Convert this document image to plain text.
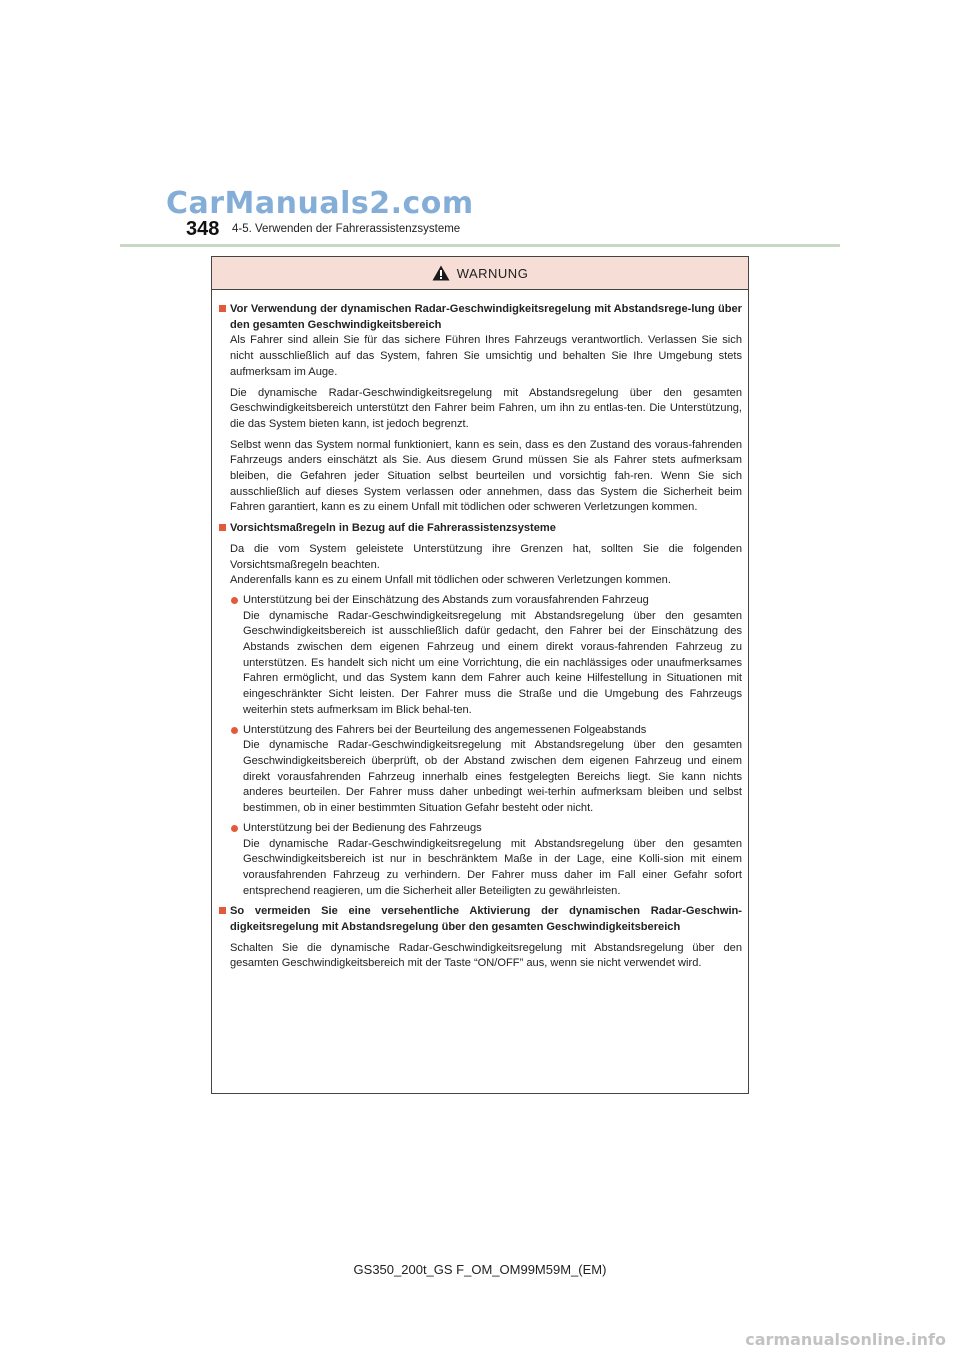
CarManuals2.com
348 4-5. Verwenden der Fahrerassistenzsysteme
WARNUNG
Vor Verwendung der dynamischen Radar-Geschwindigkeitsregelung mit Abstandsrege-lung über den gesamten Geschwindigkeitsbereich
Als Fahrer sind allein Sie für das sichere Führen Ihres Fahrzeugs verantwortlich. Verlassen Sie sich nicht ausschließlich auf das System, fahren Sie umsichtig und behalten Sie Ihre Umgebung stets aufmerksam im Auge.
Die dynamische Radar-Geschwindigkeitsregelung mit Abstandsregelung über den gesamten Geschwindigkeitsbereich unterstützt den Fahrer beim Fahren, um ihn zu entlas-ten. Die Unterstützung, die das System bieten kann, ist jedoch begrenzt.
Selbst wenn das System normal funktioniert, kann es sein, dass es den Zustand des voraus-fahrenden Fahrzeugs anders einschätzt als Sie. Aus diesem Grund müssen Sie als Fahrer stets aufmerksam bleiben, die Gefahren jeder Situation selbst beurteilen und vorsichtig fah-ren. Wenn Sie sich ausschließlich auf dieses System verlassen oder annehmen, dass das System die Sicherheit beim Fahren garantiert, kann es zu einem Unfall mit tödlichen oder schweren Verletzungen kommen.
Vorsichtsmaßregeln in Bezug auf die Fahrerassistenzsysteme
Da die vom System geleistete Unterstützung ihre Grenzen hat, sollten Sie die folgenden Vorsichtsmaßregeln beachten.
Anderenfalls kann es zu einem Unfall mit tödlichen oder schweren Verletzungen kommen.
Unterstützung bei der Einschätzung des Abstands zum vorausfahrenden Fahrzeug
Die dynamische Radar-Geschwindigkeitsregelung mit Abstandsregelung über den gesamten Geschwindigkeitsbereich ist ausschließlich dafür gedacht, den Fahrer bei der Einschätzung des Abstands zwischen dem eigenen Fahrzeug und einem direkt voraus-fahrenden Fahrzeug zu unterstützen. Es handelt sich nicht um eine Vorrichtung, die ein nachlässiges oder unaufmerksames Fahren ermöglicht, und das System kann dem Fahrer auch keine Hilfestellung in Situationen mit eingeschränkter Sicht leisten. Der Fahrer muss die Straße und die Umgebung des Fahrzeugs weiterhin stets aufmerksam im Blick behal-ten.
Unterstützung des Fahrers bei der Beurteilung des angemessenen Folgeabstands
Die dynamische Radar-Geschwindigkeitsregelung mit Abstandsregelung über den gesamten Geschwindigkeitsbereich überprüft, ob der Abstand zwischen dem eigenen Fahrzeug und einem direkt vorausfahrenden Fahrzeug innerhalb eines festgelegten Bereichs liegt. Sie kann nichts anderes beurteilen. Der Fahrer muss daher unbedingt wei-terhin aufmerksam bleiben und selbst bestimmen, ob in einer bestimmten Situation Gefahr besteht oder nicht.
Unterstützung bei der Bedienung des Fahrzeugs
Die dynamische Radar-Geschwindigkeitsregelung mit Abstandsregelung über den gesamten Geschwindigkeitsbereich ist nur in beschränktem Maße in der Lage, eine Kolli-sion mit einem vorausfahrenden Fahrzeug zu verhindern. Der Fahrer muss daher im Fall einer Gefahr sofort entsprechend reagieren, um die Sicherheit aller Beteiligten zu gewährleisten.
So vermeiden Sie eine versehentliche Aktivierung der dynamischen Radar-Geschwin-digkeitsregelung mit Abstandsregelung über den gesamten Geschwindigkeitsbereich
Schalten Sie die dynamische Radar-Geschwindigkeitsregelung mit Abstandsregelung über den gesamten Geschwindigkeitsbereich mit der Taste “ON/OFF” aus, wenn sie nicht verwendet wird.
GS350_200t_GS F_OM_OM99M59M_(EM)
carmanualsonline.info
